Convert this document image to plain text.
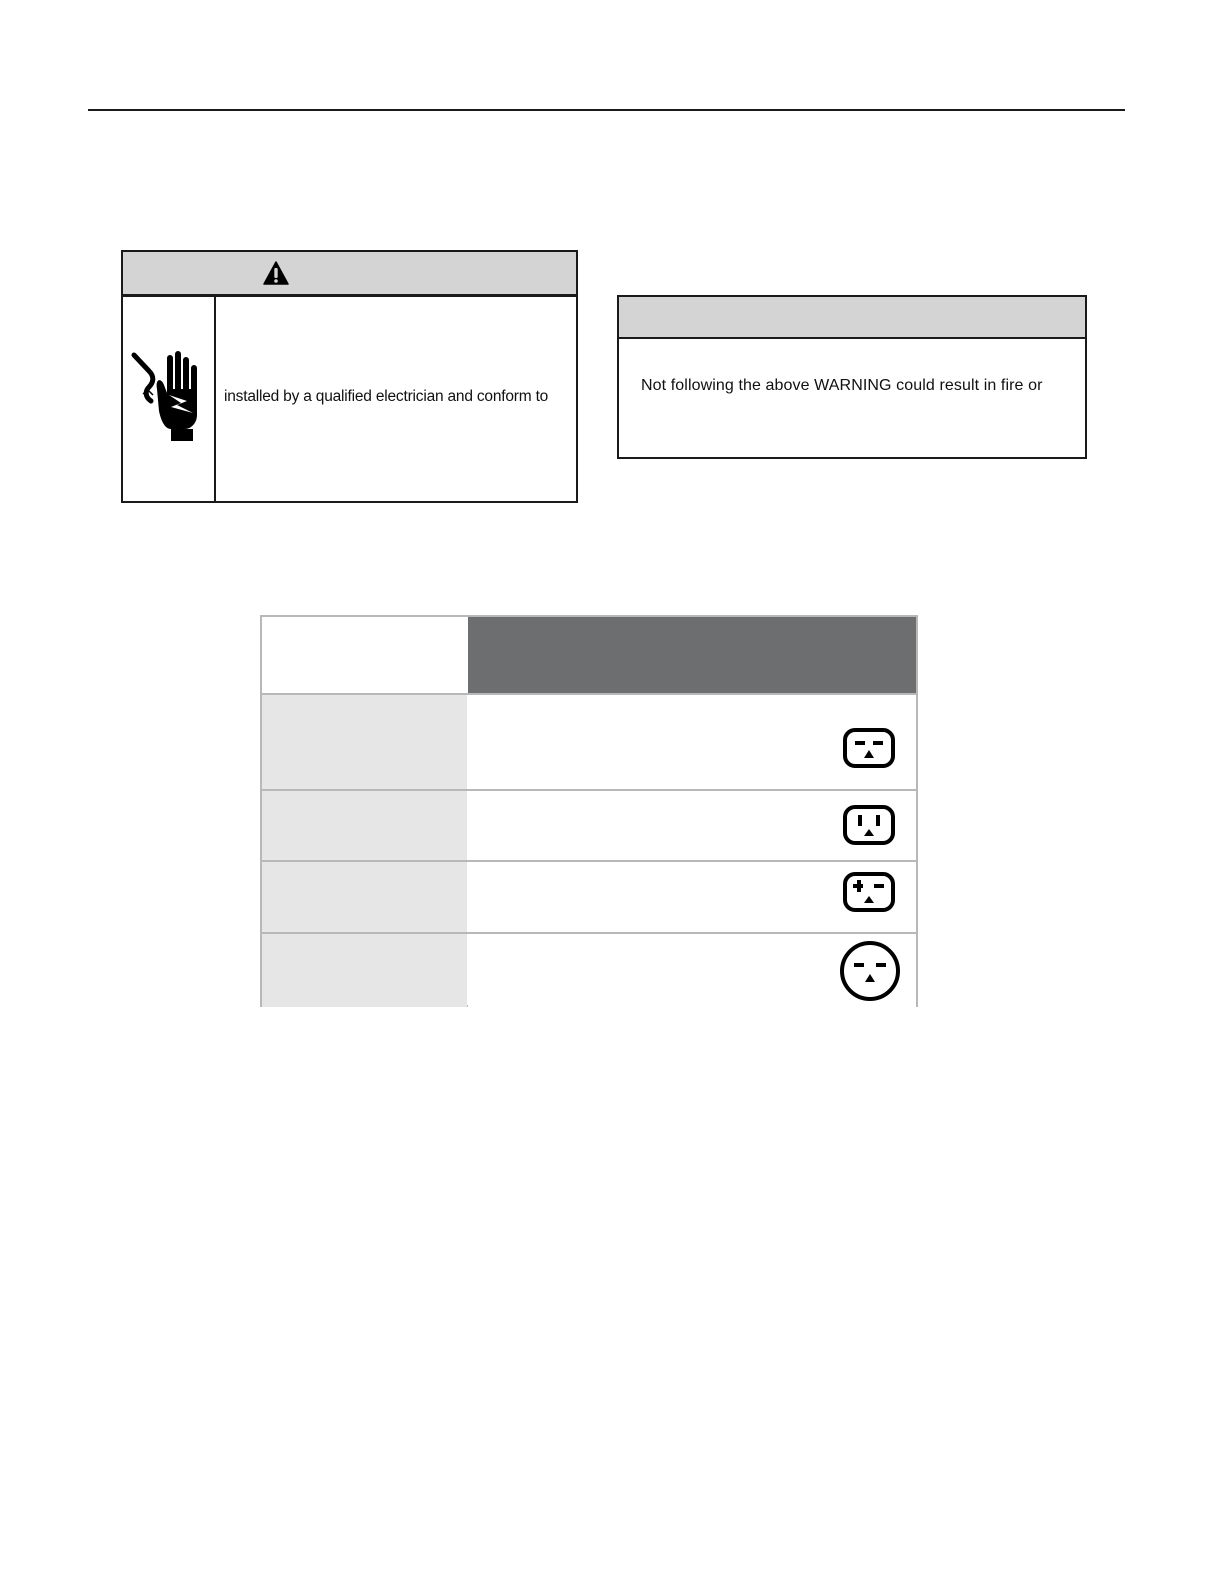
installed by a qualified electrician and conform to
Not following the above WARNING could result in fire or
